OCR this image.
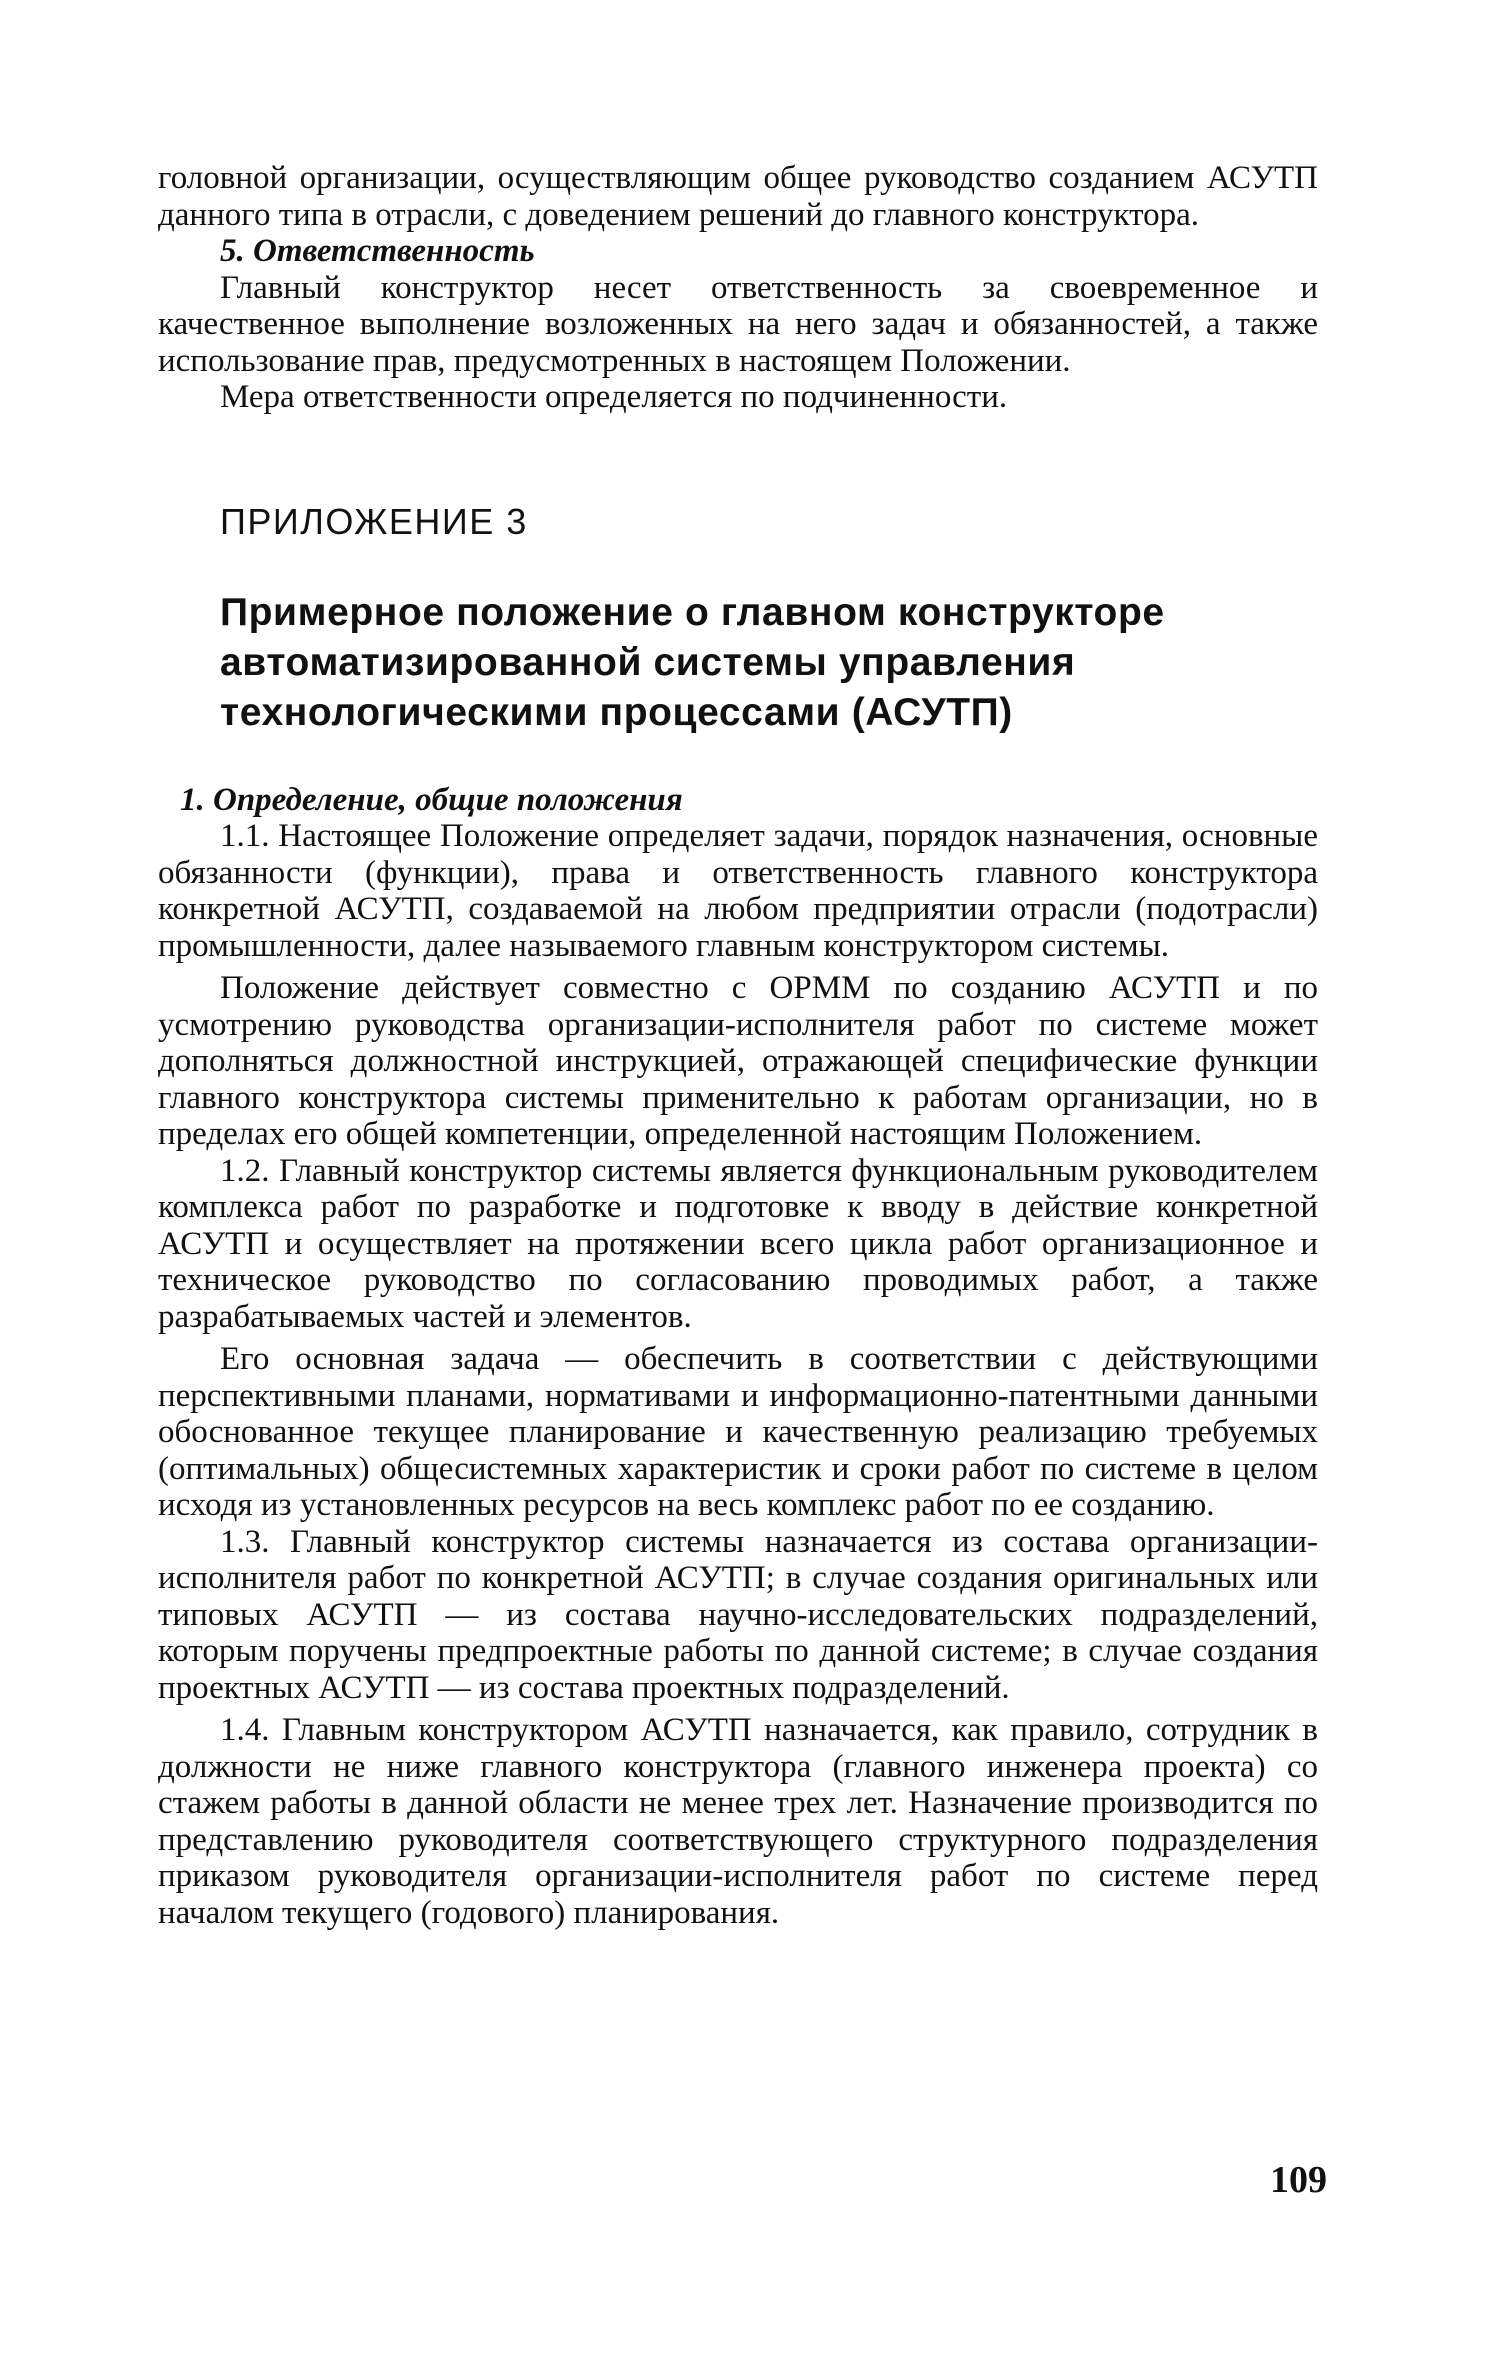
головной организации, осуществляющим общее руководство созданием АСУТП данного типа в отрасли, с доведением решений до главного конструктора.

5. Ответственность

Главный конструктор несет ответственность за своевременное и качественное выполнение возложенных на него задач и обязанностей, а также использование прав, предусмотренных в настоящем Положении.

Мера ответственности определяется по подчиненности.

ПРИЛОЖЕНИЕ 3
Примерное положение о главном конструкторе автоматизированной системы управления технологическими процессами (АСУТП)

1. Определение, общие положения

1.1. Настоящее Положение определяет задачи, порядок назначения, основные обязанности (функции), права и ответственность главного конструктора конкретной АСУТП, создаваемой на любом предприятии отрасли (подотрасли) промышленности, далее называемого главным конструктором системы.

Положение действует совместно с ОРММ по созданию АСУТП и по усмотрению руководства организации-исполнителя работ по системе может дополняться должностной инструкцией, отражающей специфические функции главного конструктора системы применительно к работам организации, но в пределах его общей компетенции, определенной настоящим Положением.

1.2. Главный конструктор системы является функциональным руководителем комплекса работ по разработке и подготовке к вводу в действие конкретной АСУТП и осуществляет на протяжении всего цикла работ организационное и техническое руководство по согласованию проводимых работ, а также разрабатываемых частей и элементов.

Его основная задача — обеспечить в соответствии с действующими перспективными планами, нормативами и информационно-патентными данными обоснованное текущее планирование и качественную реализацию требуемых (оптимальных) общесистемных характеристик и сроки работ по системе в целом исходя из установленных ресурсов на весь комплекс работ по ее созданию.

1.3. Главный конструктор системы назначается из состава организации-исполнителя работ по конкретной АСУТП; в случае создания оригинальных или типовых АСУТП — из состава научно-исследовательских подразделений, которым поручены предпроектные работы по данной системе; в случае создания проектных АСУТП — из состава проектных подразделений.

1.4. Главным конструктором АСУТП назначается, как правило, сотрудник в должности не ниже главного конструктора (главного инженера проекта) со стажем работы в данной области не менее трех лет. Назначение производится по представлению руководителя соответствующего структурного подразделения приказом руководителя организации-исполнителя работ по системе перед началом текущего (годового) планирования.

109
